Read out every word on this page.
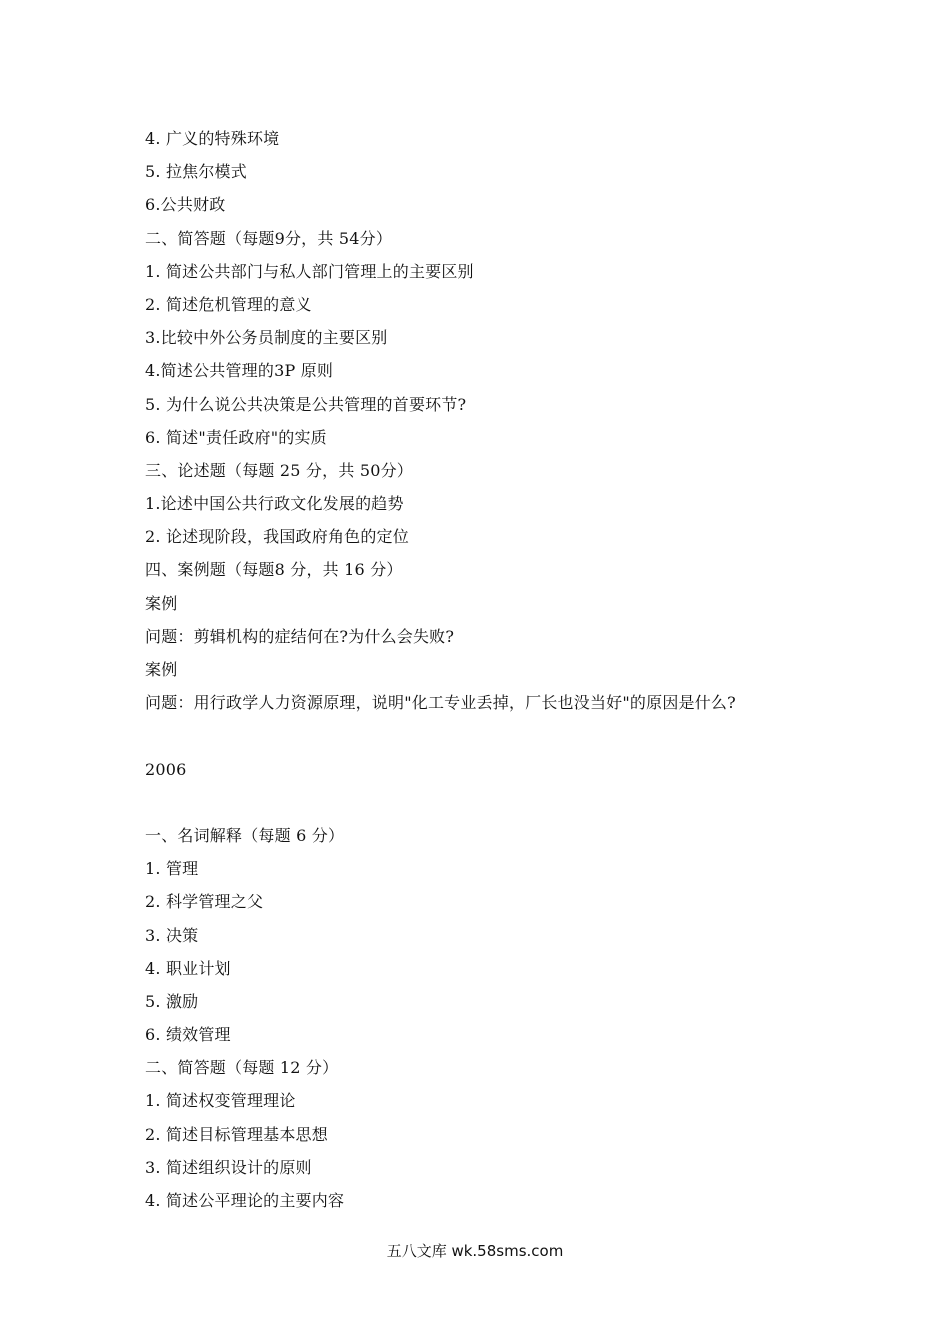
4. 广义的特殊环境
5. 拉焦尔模式
6.公共财政
二、简答题（每题9分，共 54分）
1. 简述公共部门与私人部门管理上的主要区别
2. 简述危机管理的意义
3.比较中外公务员制度的主要区别
4.简述公共管理的3P 原则
5. 为什么说公共决策是公共管理的首要环节?
6. 简述"责任政府"的实质
三、论述题（每题 25 分，共 50分）
1.论述中国公共行政文化发展的趋势
2. 论述现阶段，我国政府角色的定位
四、案例题（每题8 分，共 16 分）
案例
问题：剪辑机构的症结何在?为什么会失败?
案例
问题：用行政学人力资源原理，说明"化工专业丢掉，厂长也没当好"的原因是什么?
2006
一、名词解释（每题 6 分）
1. 管理
2. 科学管理之父
3. 决策
4. 职业计划
5. 激励
6. 绩效管理
二、简答题（每题 12 分）
1. 简述权变管理理论
2. 简述目标管理基本思想
3. 简述组织设计的原则
4. 简述公平理论的主要内容
五八文库 wk.58sms.com
